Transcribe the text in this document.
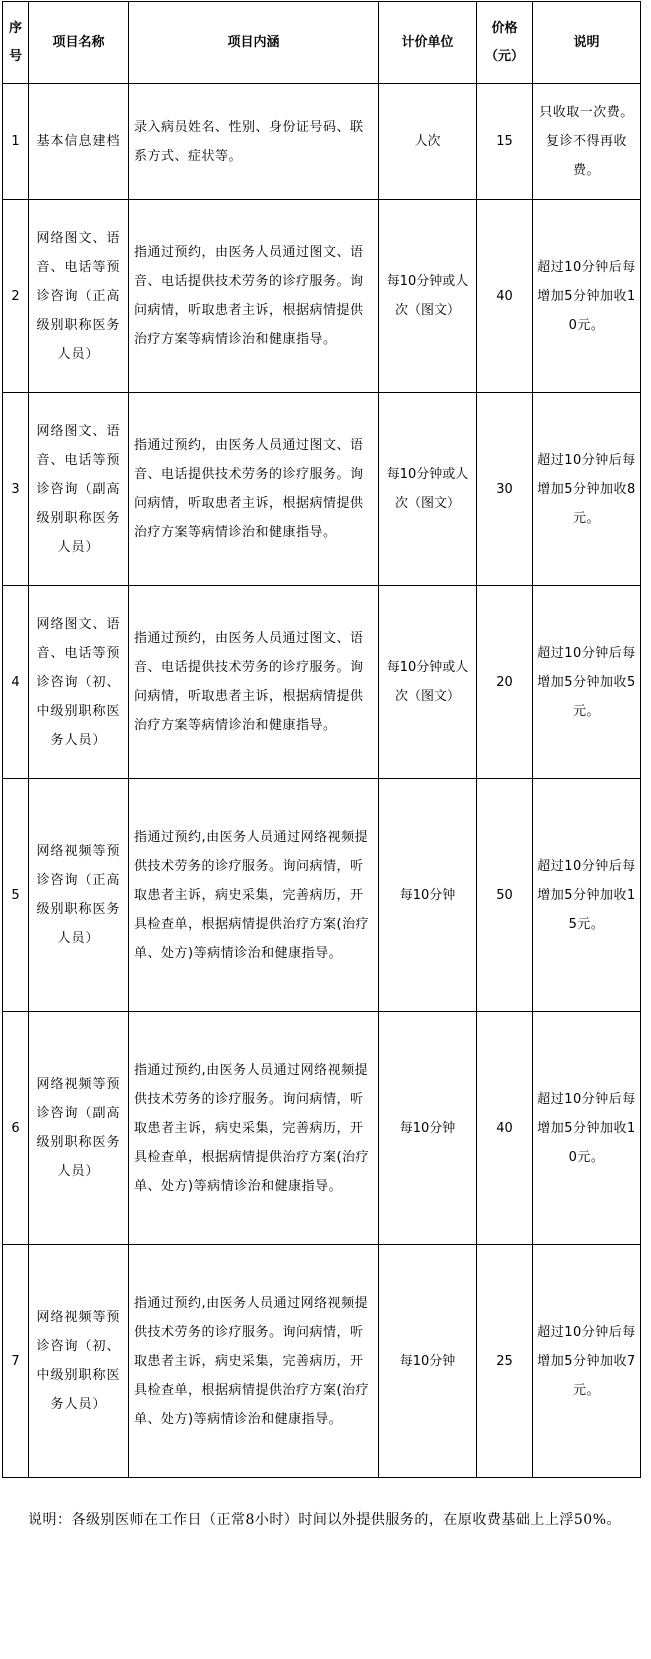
序号	项目名称	项目内涵	计价单位	价格（元）	说明
1	基本信息建档	录入病员姓名、性别、身份证号码、联系方式、症状等。	人次	15	只收取一次费。复诊不得再收费。
2	网络图文、语音、电话等预诊咨询（正高级别职称医务人员）	指通过预约，由医务人员通过图文、语音、电话提供技术劳务的诊疗服务。询问病情，听取患者主诉，根据病情提供治疗方案等病情诊治和健康指导。	每10分钟或人次（图文）	40	超过10分钟后每增加5分钟加收10元。
3	网络图文、语音、电话等预诊咨询（副高级别职称医务人员）	指通过预约，由医务人员通过图文、语音、电话提供技术劳务的诊疗服务。询问病情，听取患者主诉，根据病情提供治疗方案等病情诊治和健康指导。	每10分钟或人次（图文）	30	超过10分钟后每增加5分钟加收8元。
4	网络图文、语音、电话等预诊咨询（初、中级别职称医务人员）	指通过预约，由医务人员通过图文、语音、电话提供技术劳务的诊疗服务。询问病情，听取患者主诉，根据病情提供治疗方案等病情诊治和健康指导。	每10分钟或人次（图文）	20	超过10分钟后每增加5分钟加收5元。
5	网络视频等预诊咨询（正高级别职称医务人员）	指通过预约,由医务人员通过网络视频提供技术劳务的诊疗服务。询问病情，听取患者主诉，病史采集，完善病历，开具检查单，根据病情提供治疗方案(治疗单、处方)等病情诊治和健康指导。	每10分钟	50	超过10分钟后每增加5分钟加收15元。
6	网络视频等预诊咨询（副高级别职称医务人员）	指通过预约,由医务人员通过网络视频提供技术劳务的诊疗服务。询问病情，听取患者主诉，病史采集，完善病历，开具检查单，根据病情提供治疗方案(治疗单、处方)等病情诊治和健康指导。	每10分钟	40	超过10分钟后每增加5分钟加收10元。
7	网络视频等预诊咨询（初、中级别职称医务人员）	指通过预约,由医务人员通过网络视频提供技术劳务的诊疗服务。询问病情，听取患者主诉，病史采集，完善病历，开具检查单，根据病情提供治疗方案(治疗单、处方)等病情诊治和健康指导。	每10分钟	25	超过10分钟后每增加5分钟加收7元。
说明：各级别医师在工作日（正常8小时）时间以外提供服务的，在原收费基础上上浮50%。
